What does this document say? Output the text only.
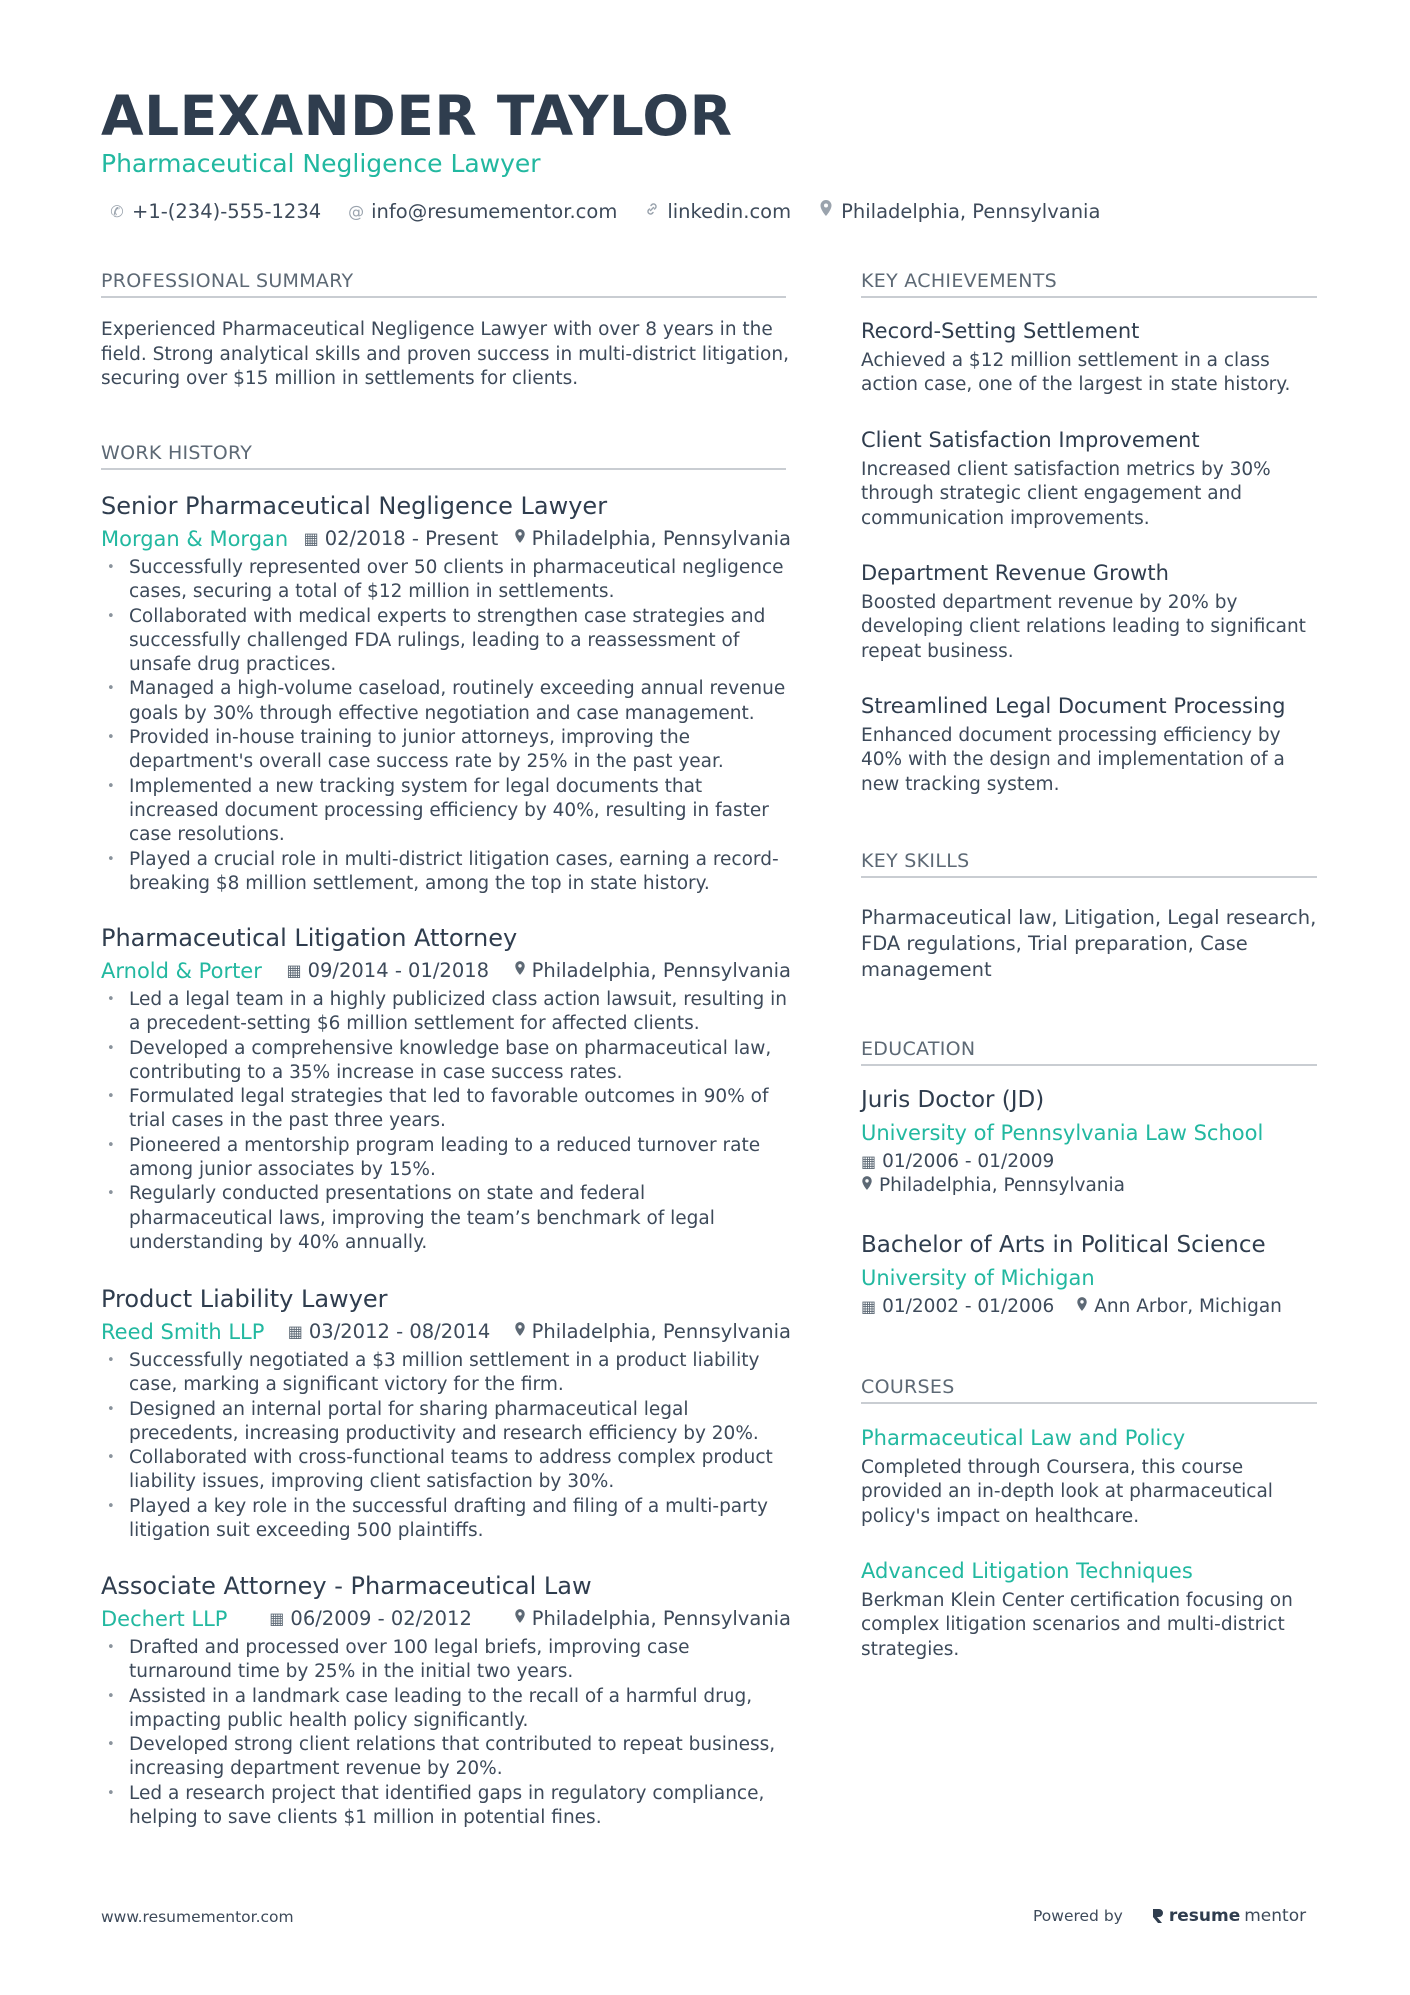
ALEXANDER TAYLOR
Pharmaceutical Negligence Lawyer
✆ +1-(234)-555-1234 @ info@resumementor.com	linkedin.com	Philadelphia, Pennsylvania
PROFESSIONAL SUMMARY
Experienced Pharmaceutical Negligence Lawyer with over 8 years in the field. Strong analytical skills and proven success in multi-district litigation, securing over $15 million in settlements for clients.
WORK HISTORY
Senior Pharmaceutical Negligence Lawyer
Morgan & Morgan ▦ 02/2018 - Present Philadelphia, Pennsylvania
• Successfully represented over 50 clients in pharmaceutical negligence cases, securing a total of $12 million in settlements.
• Collaborated with medical experts to strengthen case strategies and successfully challenged FDA rulings, leading to a reassessment of unsafe drug practices.
• Managed a high-volume caseload, routinely exceeding annual revenue goals by 30% through effective negotiation and case management.
• Provided in-house training to junior attorneys, improving the department's overall case success rate by 25% in the past year.
• Implemented a new tracking system for legal documents that increased document processing efficiency by 40%, resulting in faster case resolutions.
• Played a crucial role in multi-district litigation cases, earning a record-breaking $8 million settlement, among the top in state history.
Pharmaceutical Litigation Attorney
Arnold & Porter ▦ 09/2014 - 01/2018 Philadelphia, Pennsylvania
• Led a legal team in a highly publicized class action lawsuit, resulting in a precedent-setting $6 million settlement for affected clients.
• Developed a comprehensive knowledge base on pharmaceutical law, contributing to a 35% increase in case success rates.
• Formulated legal strategies that led to favorable outcomes in 90% of trial cases in the past three years.
• Pioneered a mentorship program leading to a reduced turnover rate among junior associates by 15%.
• Regularly conducted presentations on state and federal pharmaceutical laws, improving the team’s benchmark of legal understanding by 40% annually.
Product Liability Lawyer
Reed Smith LLP ▦ 03/2012 - 08/2014 Philadelphia, Pennsylvania
• Successfully negotiated a $3 million settlement in a product liability case, marking a significant victory for the firm.
• Designed an internal portal for sharing pharmaceutical legal precedents, increasing productivity and research efficiency by 20%.
• Collaborated with cross-functional teams to address complex product liability issues, improving client satisfaction by 30%.
• Played a key role in the successful drafting and filing of a multi-party litigation suit exceeding 500 plaintiffs.
Associate Attorney - Pharmaceutical Law
Dechert LLP	▦ 06/2009 - 02/2012	Philadelphia, Pennsylvania
• Drafted and processed over 100 legal briefs, improving case turnaround time by 25% in the initial two years.
• Assisted in a landmark case leading to the recall of a harmful drug, impacting public health policy significantly.
• Developed strong client relations that contributed to repeat business, increasing department revenue by 20%.
• Led a research project that identified gaps in regulatory compliance, helping to save clients $1 million in potential fines.
KEY ACHIEVEMENTS
Record-Setting Settlement
Achieved a $12 million settlement in a class action case, one of the largest in state history.
Client Satisfaction Improvement
Increased client satisfaction metrics by 30% through strategic client engagement and communication improvements.
Department Revenue Growth
Boosted department revenue by 20% by developing client relations leading to significant repeat business.
Streamlined Legal Document Processing
Enhanced document processing efficiency by 40% with the design and implementation of a new tracking system.
KEY SKILLS
Pharmaceutical law, Litigation, Legal research, FDA regulations, Trial preparation, Case management
EDUCATION
Juris Doctor (JD)
University of Pennsylvania Law School
▦ 01/2006 - 01/2009
Philadelphia, Pennsylvania
Bachelor of Arts in Political Science
University of Michigan
▦ 01/2002 - 01/2006 Ann Arbor, Michigan
COURSES
Pharmaceutical Law and Policy
Completed through Coursera, this course provided an in-depth look at pharmaceutical policy's impact on healthcare.
Advanced Litigation Techniques
Berkman Klein Center certification focusing on complex litigation scenarios and multi-district strategies.
www.resumementor.com	Powered by	resume mentor
